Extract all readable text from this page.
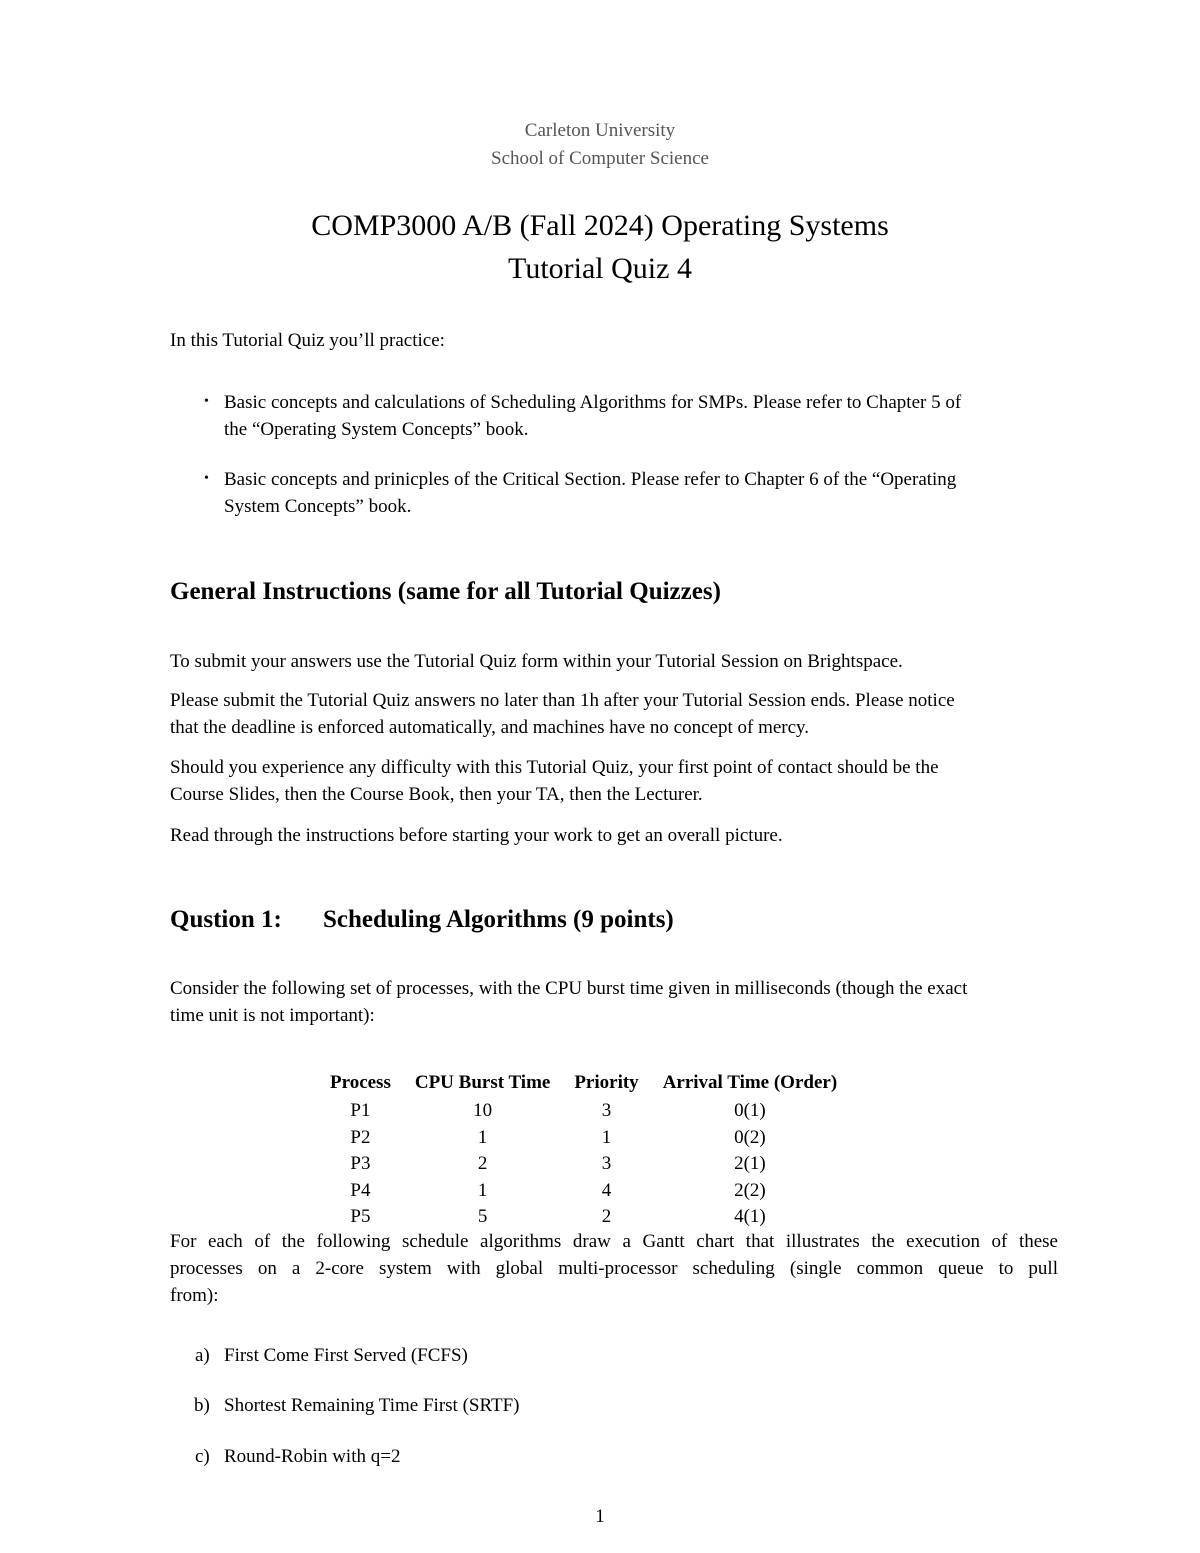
Carleton University
School of Computer Science
COMP3000 A/B (Fall 2024) Operating Systems
Tutorial Quiz 4
In this Tutorial Quiz you’ll practice:
• Basic concepts and calculations of Scheduling Algorithms for SMPs. Please refer to Chapter 5 of
the “Operating System Concepts” book.
• Basic concepts and prinicples of the Critical Section. Please refer to Chapter 6 of the “Operating
System Concepts” book.
General Instructions (same for all Tutorial Quizzes)
To submit your answers use the Tutorial Quiz form within your Tutorial Session on Brightspace.
Please submit the Tutorial Quiz answers no later than 1h after your Tutorial Session ends. Please notice
that the deadline is enforced automatically, and machines have no concept of mercy.
Should you experience any difficulty with this Tutorial Quiz, your first point of contact should be the
Course Slides, then the Course Book, then your TA, then the Lecturer.
Read through the instructions before starting your work to get an overall picture.
Qustion 1: Scheduling Algorithms (9 points)
Consider the following set of processes, with the CPU burst time given in milliseconds (though the exact
time unit is not important):
Process	CPU Burst Time	Priority	Arrival Time (Order)
P1	10	3	0(1)
P2	1	1	0(2)
P3	2	3	2(1)
P4	1	4	2(2)
P5	5	2	4(1)
For each of the following schedule algorithms draw a Gantt chart that illustrates the execution of these
processes on a 2-core system with global multi-processor scheduling (single common queue to pull
from):
a) First Come First Served (FCFS)
b) Shortest Remaining Time First (SRTF)
c) Round-Robin with q=2
1
